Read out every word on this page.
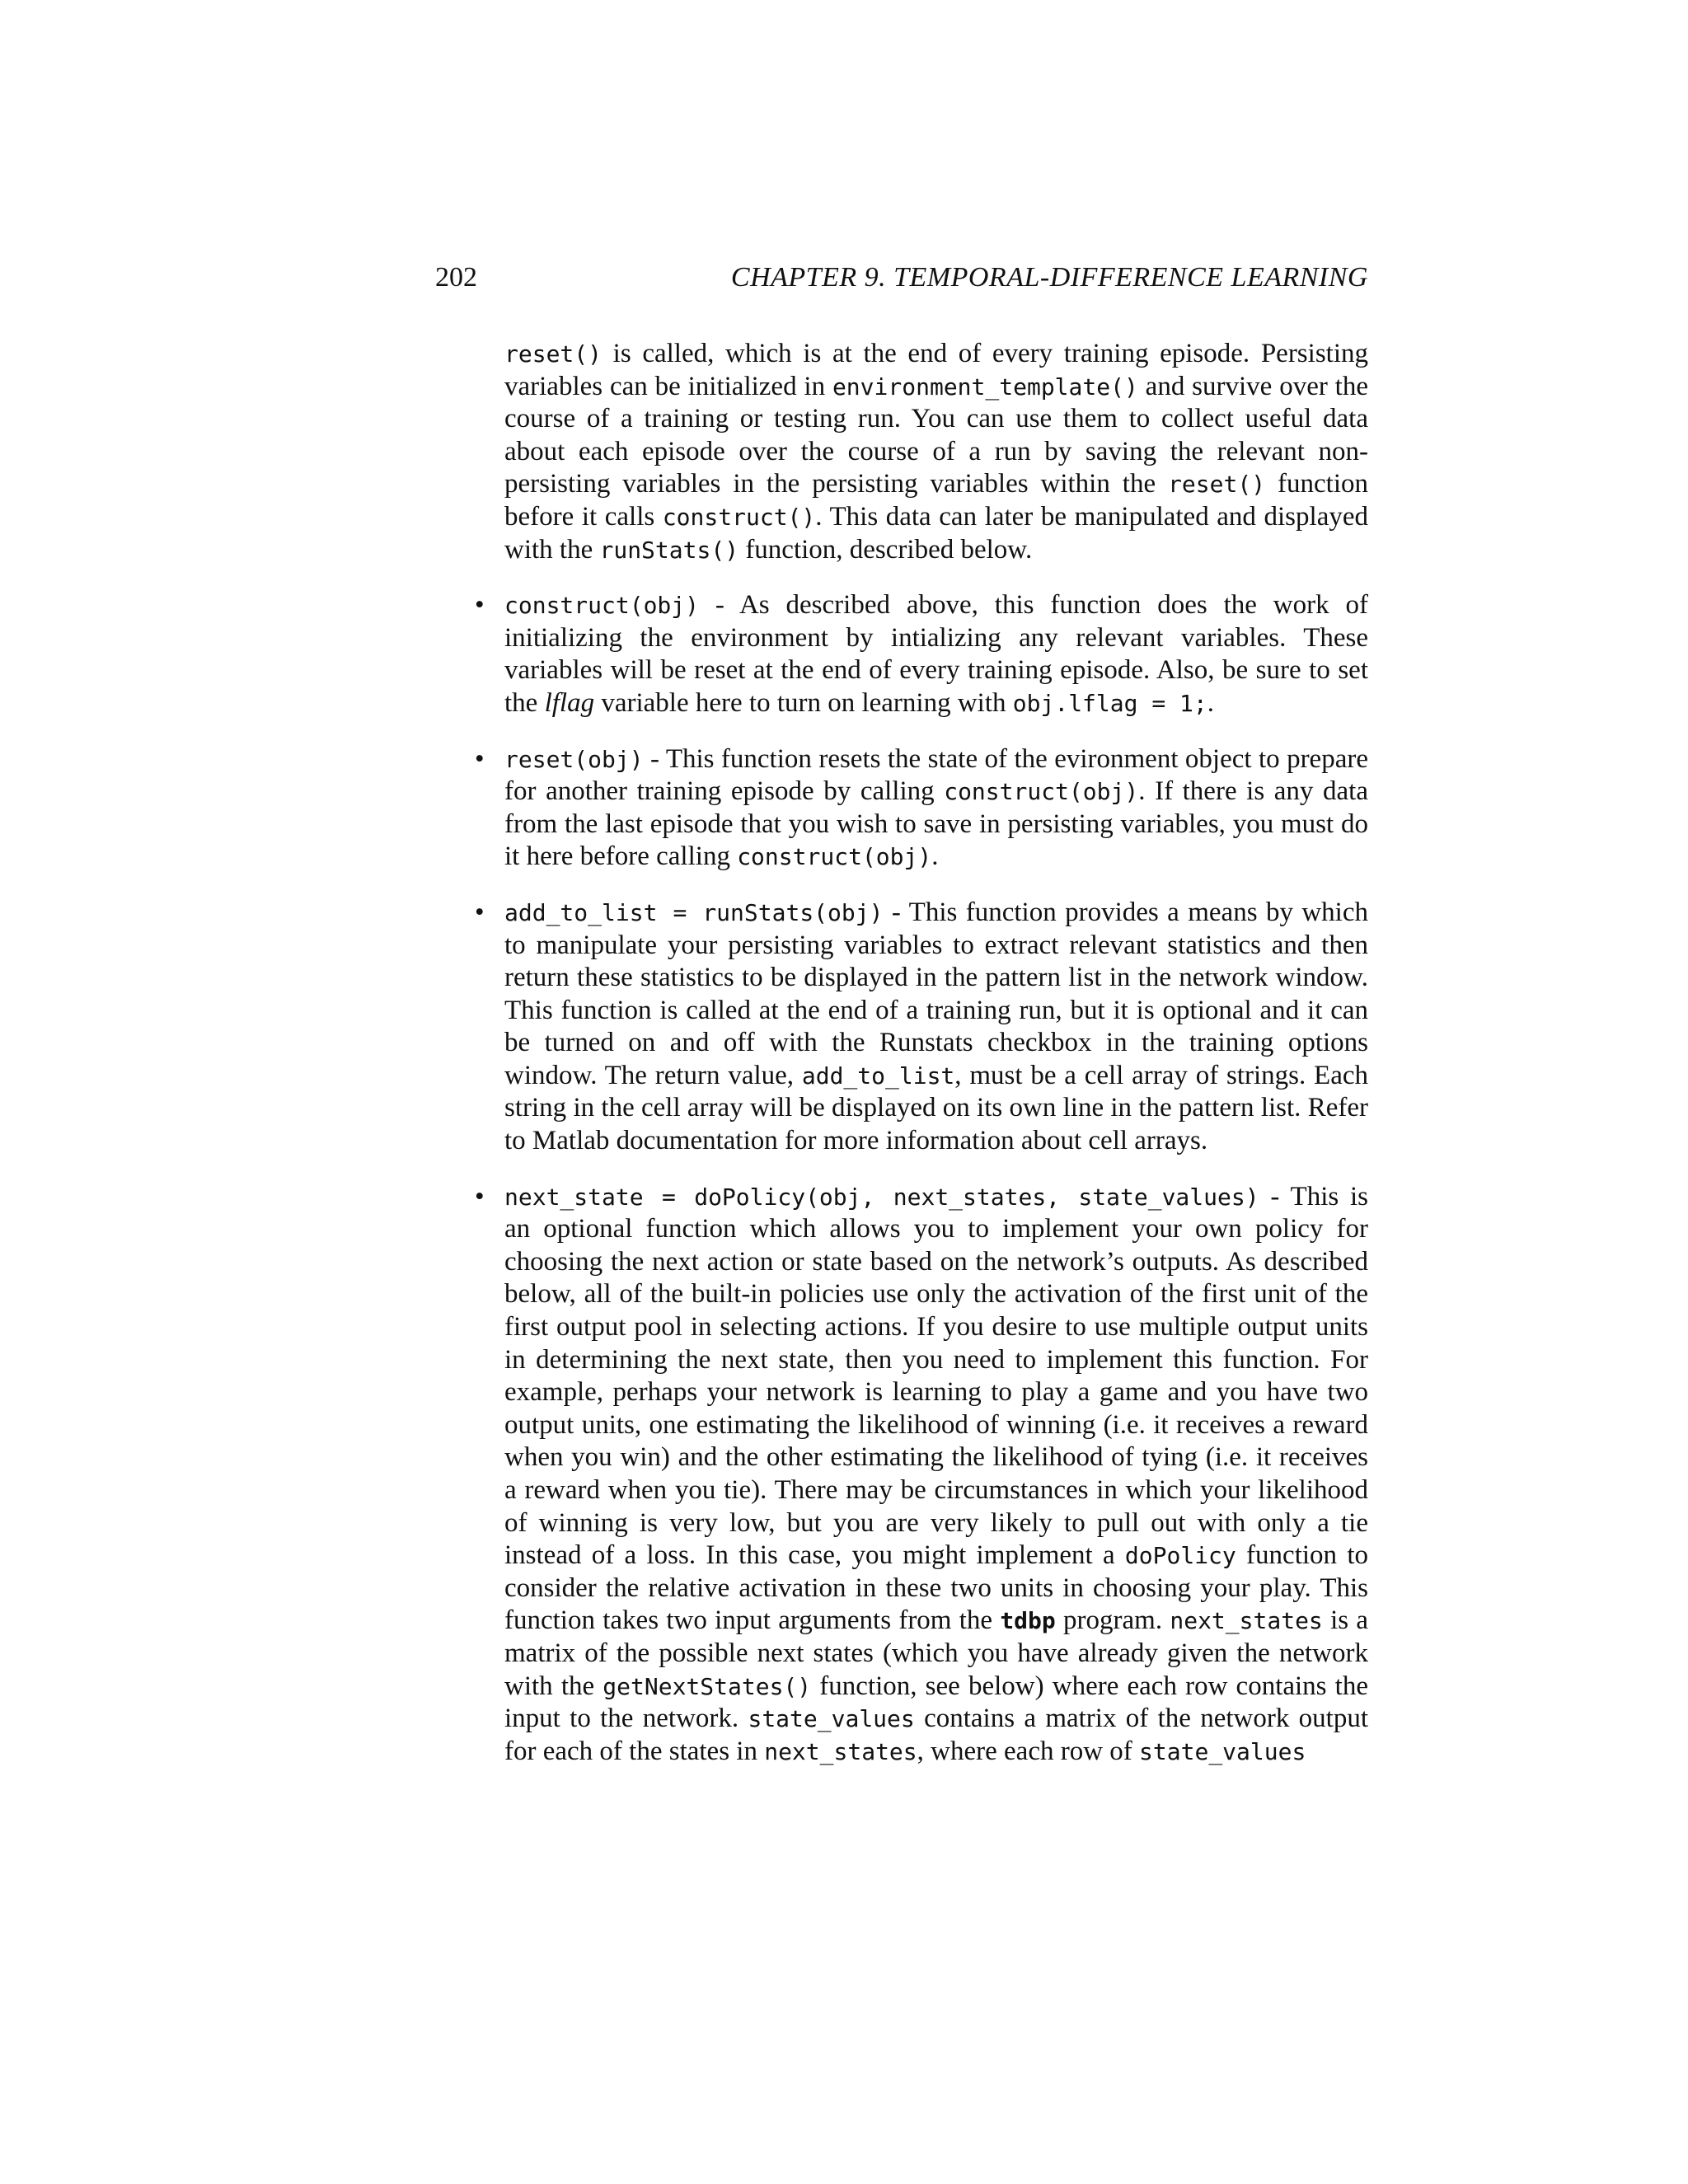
202	CHAPTER 9. TEMPORAL-DIFFERENCE LEARNING

reset() is called, which is at the end of every training episode. Persisting variables can be initialized in environment_template() and survive over the course of a training or testing run. You can use them to collect useful data about each episode over the course of a run by saving the relevant non-persisting variables in the persisting variables within the reset() function before it calls construct(). This data can later be manipulated and displayed with the runStats() function, described below.

• construct(obj) - As described above, this function does the work of initializing the environment by intializing any relevant variables. These variables will be reset at the end of every training episode. Also, be sure to set the lflag variable here to turn on learning with obj.lflag = 1;.

• reset(obj) - This function resets the state of the evironment object to prepare for another training episode by calling construct(obj). If there is any data from the last episode that you wish to save in persisting variables, you must do it here before calling construct(obj).

• add_to_list = runStats(obj) - This function provides a means by which to manipulate your persisting variables to extract relevant statistics and then return these statistics to be displayed in the pattern list in the network window. This function is called at the end of a training run, but it is optional and it can be turned on and off with the Runstats checkbox in the training options window. The return value, add_to_list, must be a cell array of strings. Each string in the cell array will be displayed on its own line in the pattern list. Refer to Matlab documentation for more information about cell arrays.

• next_state = doPolicy(obj, next_states, state_values) - This is an optional function which allows you to implement your own policy for choosing the next action or state based on the network’s outputs. As described below, all of the built-in policies use only the activation of the first unit of the first output pool in selecting actions. If you desire to use multiple output units in determining the next state, then you need to implement this function. For example, perhaps your network is learning to play a game and you have two output units, one estimating the likelihood of winning (i.e. it receives a reward when you win) and the other estimating the likelihood of tying (i.e. it receives a reward when you tie). There may be circumstances in which your likelihood of winning is very low, but you are very likely to pull out with only a tie instead of a loss. In this case, you might implement a doPolicy function to consider the relative activation in these two units in choosing your play. This function takes two input arguments from the tdbp program. next_states is a matrix of the possible next states (which you have already given the network with the getNextStates() function, see below) where each row contains the input to the network. state_values contains a matrix of the network output for each of the states in next_states, where each row of state_values
